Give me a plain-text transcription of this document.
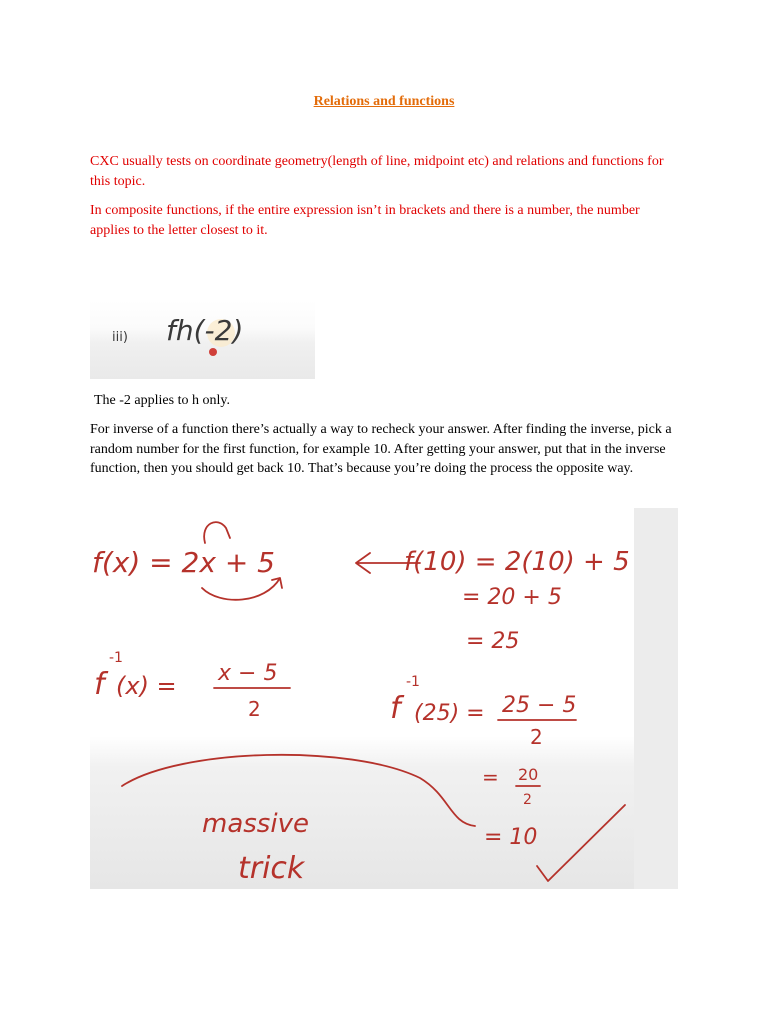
Relations and functions

CXC usually tests on coordinate geometry(length of line, midpoint etc) and relations and functions for this topic.

In composite functions, if the entire expression isn’t in brackets and there is a number, the number applies to the letter closest to it.

iii) fh(-2)

The -2 applies to h only.

For inverse of a function there’s actually a way to recheck your answer. After finding the inverse, pick a random number for the first function, for example 10. After getting your answer, put that in the inverse function, then you should get back 10. That’s because you’re doing the process the opposite way.

f(x) = 2x + 5
f
-1
(x) = x − 5
2
f(10) = 2(10) + 5
= 20 + 5
= 25
f
-1
(25) = 25 − 5
2
= 20
2
= 10
massive
trick
